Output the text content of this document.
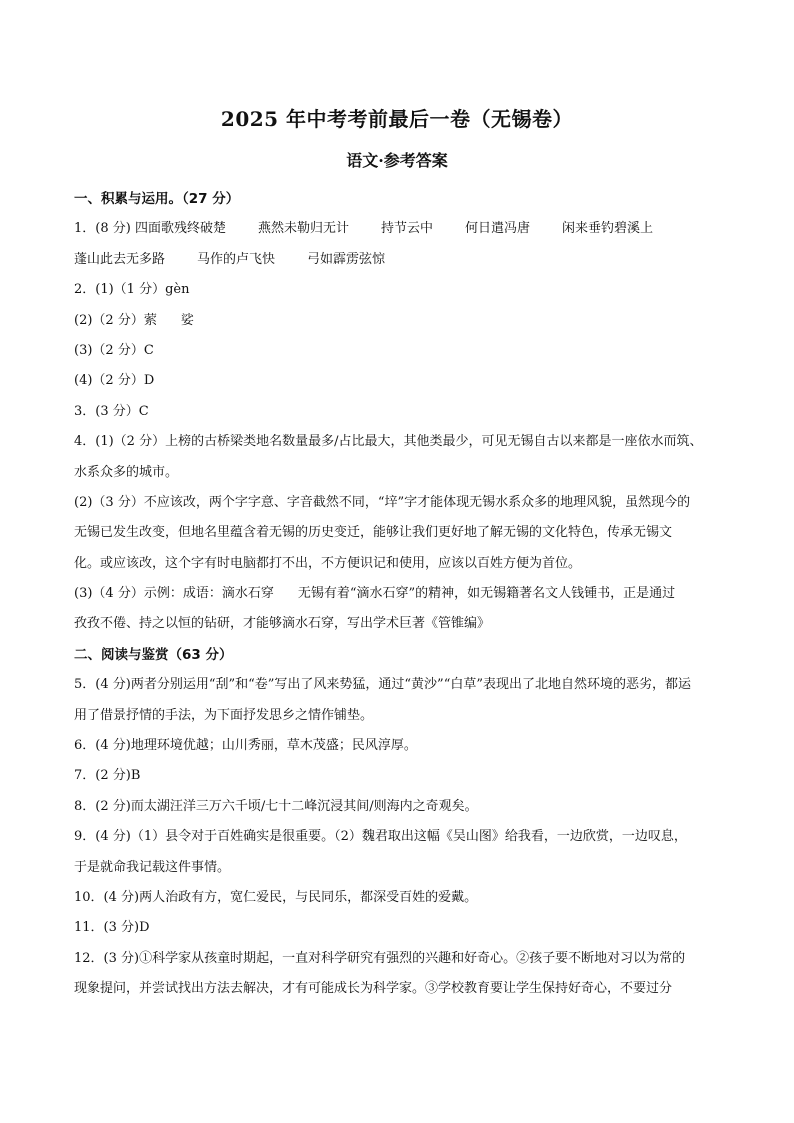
2025 年中考考前最后一卷（无锡卷）
语文·参考答案
一、积累与运用。（27 分）
1．(8 分) 四面歌残终破楚 燕然未勒归无计 持节云中 何日遣冯唐 闲来垂钓碧溪上
蓬山此去无多路 马作的卢飞快 弓如霹雳弦惊
2．(1)（1 分）gèn
(2)（2 分）萦 娑
(3)（2 分）C
(4)（2 分）D
3．(3 分）C
4．(1)（2 分）上榜的古桥梁类地名数量最多/占比最大，其他类最少，可见无锡自古以来都是一座依水而筑、
水系众多的城市。
(2)（3 分）不应该改，两个字字意、字音截然不同，“垶”字才能体现无锡水系众多的地理风貌，虽然现今的
无锡已发生改变，但地名里蕴含着无锡的历史变迁，能够让我们更好地了解无锡的文化特色，传承无锡文
化。或应该改，这个字有时电脑都打不出，不方便识记和使用，应该以百姓方便为首位。
(3)（4 分）示例：成语：滴水石穿 无锡有着“滴水石穿”的精神，如无锡籍著名文人钱锺书，正是通过
孜孜不倦、持之以恒的钻研，才能够滴水石穿，写出学术巨著《管锥编》
二、阅读与鉴赏（63 分）
5．(4 分)两者分别运用“刮”和“卷”写出了风来势猛，通过“黄沙”“白草”表现出了北地自然环境的恶劣，都运
用了借景抒情的手法，为下面抒发思乡之情作铺垫。
6．(4 分)地理环境优越；山川秀丽，草木茂盛；民风淳厚。
7．(2 分)B
8．(2 分)而太湖汪洋三万六千顷/七十二峰沉浸其间/则海内之奇观矣。
9．(4 分)（1）县令对于百姓确实是很重要。（2）魏君取出这幅《吴山图》给我看，一边欣赏，一边叹息，
于是就命我记载这件事情。
10．(4 分)两人治政有方，宽仁爱民，与民同乐，都深受百姓的爱戴。
11．(3 分)D
12．(3 分)①科学家从孩童时期起，一直对科学研究有强烈的兴趣和好奇心。②孩子要不断地对习以为常的
现象提问，并尝试找出方法去解决，才有可能成长为科学家。③学校教育要让学生保持好奇心，不要过分
